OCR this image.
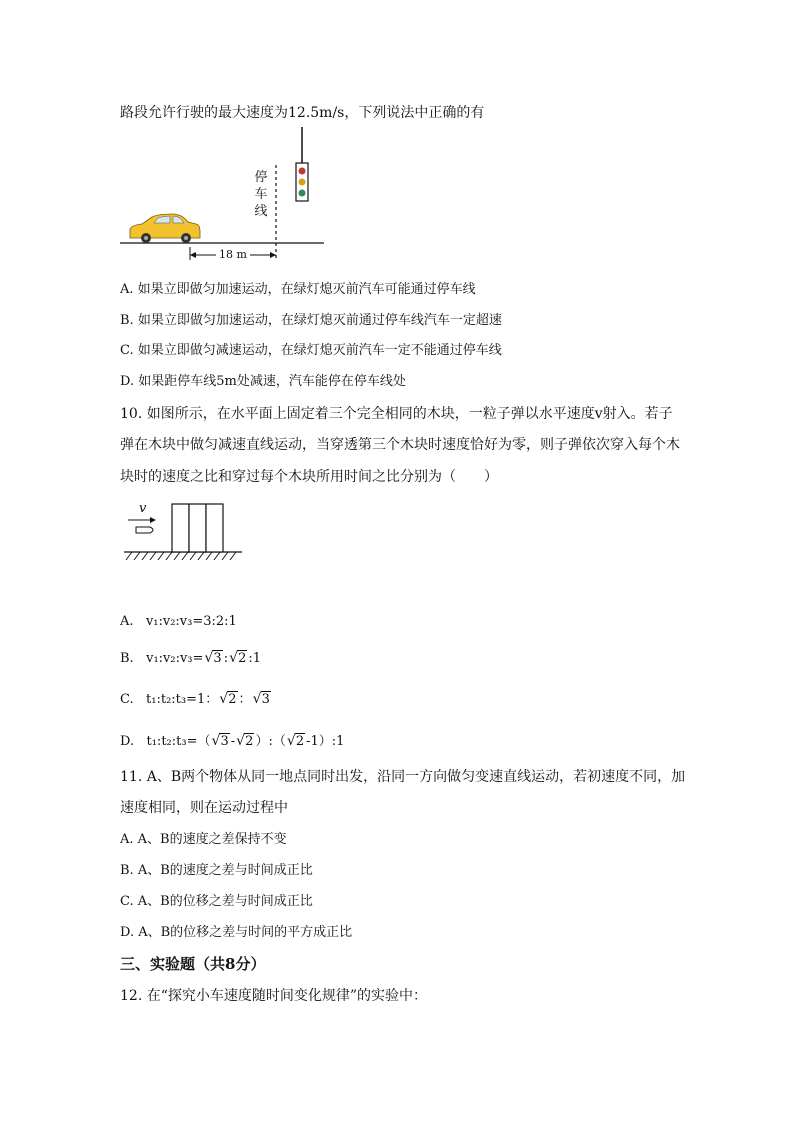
路段允许行驶的最大速度为12.5m/s，下列说法中正确的有
停车线
18 m
A. 如果立即做匀加速运动，在绿灯熄灭前汽车可能通过停车线
B. 如果立即做匀加速运动，在绿灯熄灭前通过停车线汽车一定超速
C. 如果立即做匀减速运动，在绿灯熄灭前汽车一定不能通过停车线
D. 如果距停车线5m处减速，汽车能停在停车线处
10. 如图所示，在水平面上固定着三个完全相同的木块，一粒子弹以水平速度v射入。若子
弹在木块中做匀减速直线运动，当穿透第三个木块时速度恰好为零，则子弹依次穿入每个木
块时的速度之比和穿过每个木块所用时间之比分别为（　　）
v
A. v₁:v₂:v₃=3:2:1
B. v₁:v₂:v₃= √ 3 : √ 2 :1
C. t₁:t₂:t₃=1： √ 2 ： √ 3
D. t₁:t₂:t₃=（ √ 3 - √ 2 ）:（ √ 2 -1）:1
11. A、B两个物体从同一地点同时出发，沿同一方向做匀变速直线运动，若初速度不同，加
速度相同，则在运动过程中
A. A、B的速度之差保持不变
B. A、B的速度之差与时间成正比
C. A、B的位移之差与时间成正比
D. A、B的位移之差与时间的平方成正比
三、实验题（共8分）
12. 在“探究小车速度随时间变化规律”的实验中：
